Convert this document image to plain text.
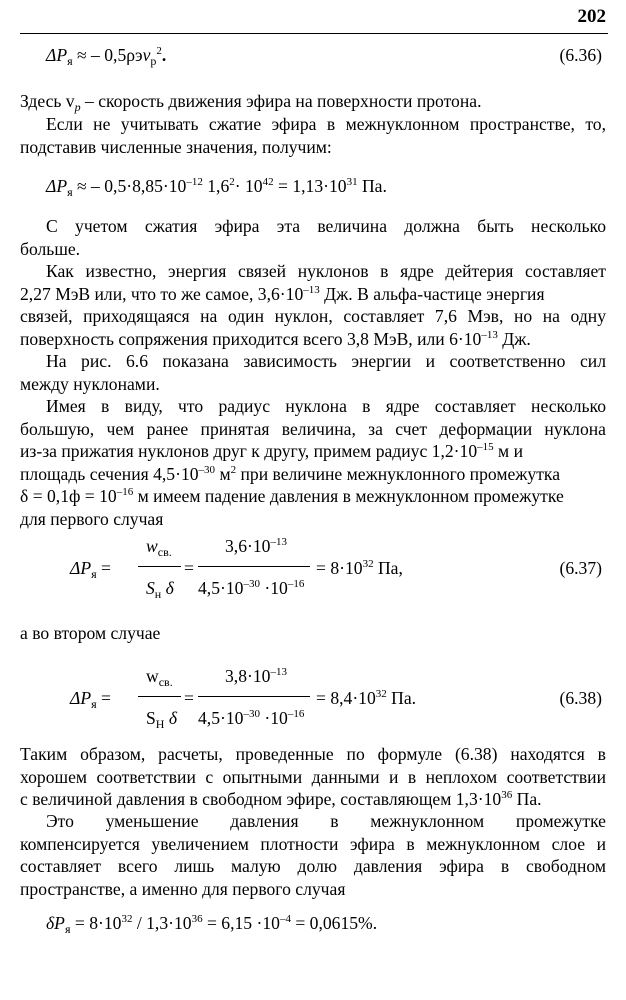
202
$\Delta P_я$ ≈ – 0,5ρэv$_р^2$.	(6.36)
Здесь $v_р$ – скорость движения эфира на поверхности протона.
Если не учитывать сжатие эфира в межнуклонном пространстве, то,
подставив численные значения, получим:
$\Delta P_я$ ≈ – $0,5\cdot 8,85\cdot 10^{-12}$ $1,6^2\cdot 10^{42} = 1,13\cdot 10^{31}$ Па.
С учетом сжатия эфира эта величина должна быть несколько
больше.
Как известно, энергия связей нуклонов в ядре дейтерия составляет
2,27 МэВ или, что то же самое, $3,6\cdot 10^{-13}$ Дж. В альфа-частице энергия
связей, приходящаяся на один нуклон, составляет 7,6 Мэв, но на одну
поверхность сопряжения приходится всего 3,8 МэВ, или $6\cdot 10^{-13}$ Дж.
На рис. 6.6 показана зависимость энергии и соответственно сил
между нуклонами.
Имея в виду, что радиус нуклона в ядре составляет несколько
большую, чем ранее принятая величина, за счет деформации нуклона
из-за прижатия нуклонов друг к другу, примем радиус $1,2\cdot 10^{-15}$ м и
площадь сечения $4,5\cdot 10^{-30}$ $м^2$ при величине межнуклонного промежутка
$\delta = 0,1ф = 10^{-16}$ м имеем падение давления в межнуклонном промежутке
для первого случая
$\Delta P_я$ =
$w_{св.}$
$S_н$ δ
=
$3,6\cdot 10^{-13}$
$4,5\cdot 10^{-30} \cdot 10^{-16}$
= $8\cdot 10^{32}$ Па,	(6.37)
а во втором случае
$\Delta P_я$ =
$w_{св.}$
$S_Н$ δ
=
$3,8\cdot 10^{-13}$
$4,5\cdot 10^{-30} \cdot 10^{-16}$
= $8,4\cdot 10^{32}$ Па.	(6.38)
Таким образом, расчеты, проведенные по формуле (6.38) находятся в
хорошем соответствии с опытными данными и в неплохом соответствии
с величиной давления в свободном эфире, составляющем $1,3\cdot 10^{36}$ Па.
Это уменьшение давления в межнуклонном промежутке
компенсируется увеличением плотности эфира в межнуклонном слое и
составляет всего лишь малую долю давления эфира в свободном
пространстве, а именно для первого случая
$\delta P_я = 8\cdot 10^{32} / 1,3\cdot 10^{36} = 6,15 \cdot 10^{-4} = 0,0615\%$.
